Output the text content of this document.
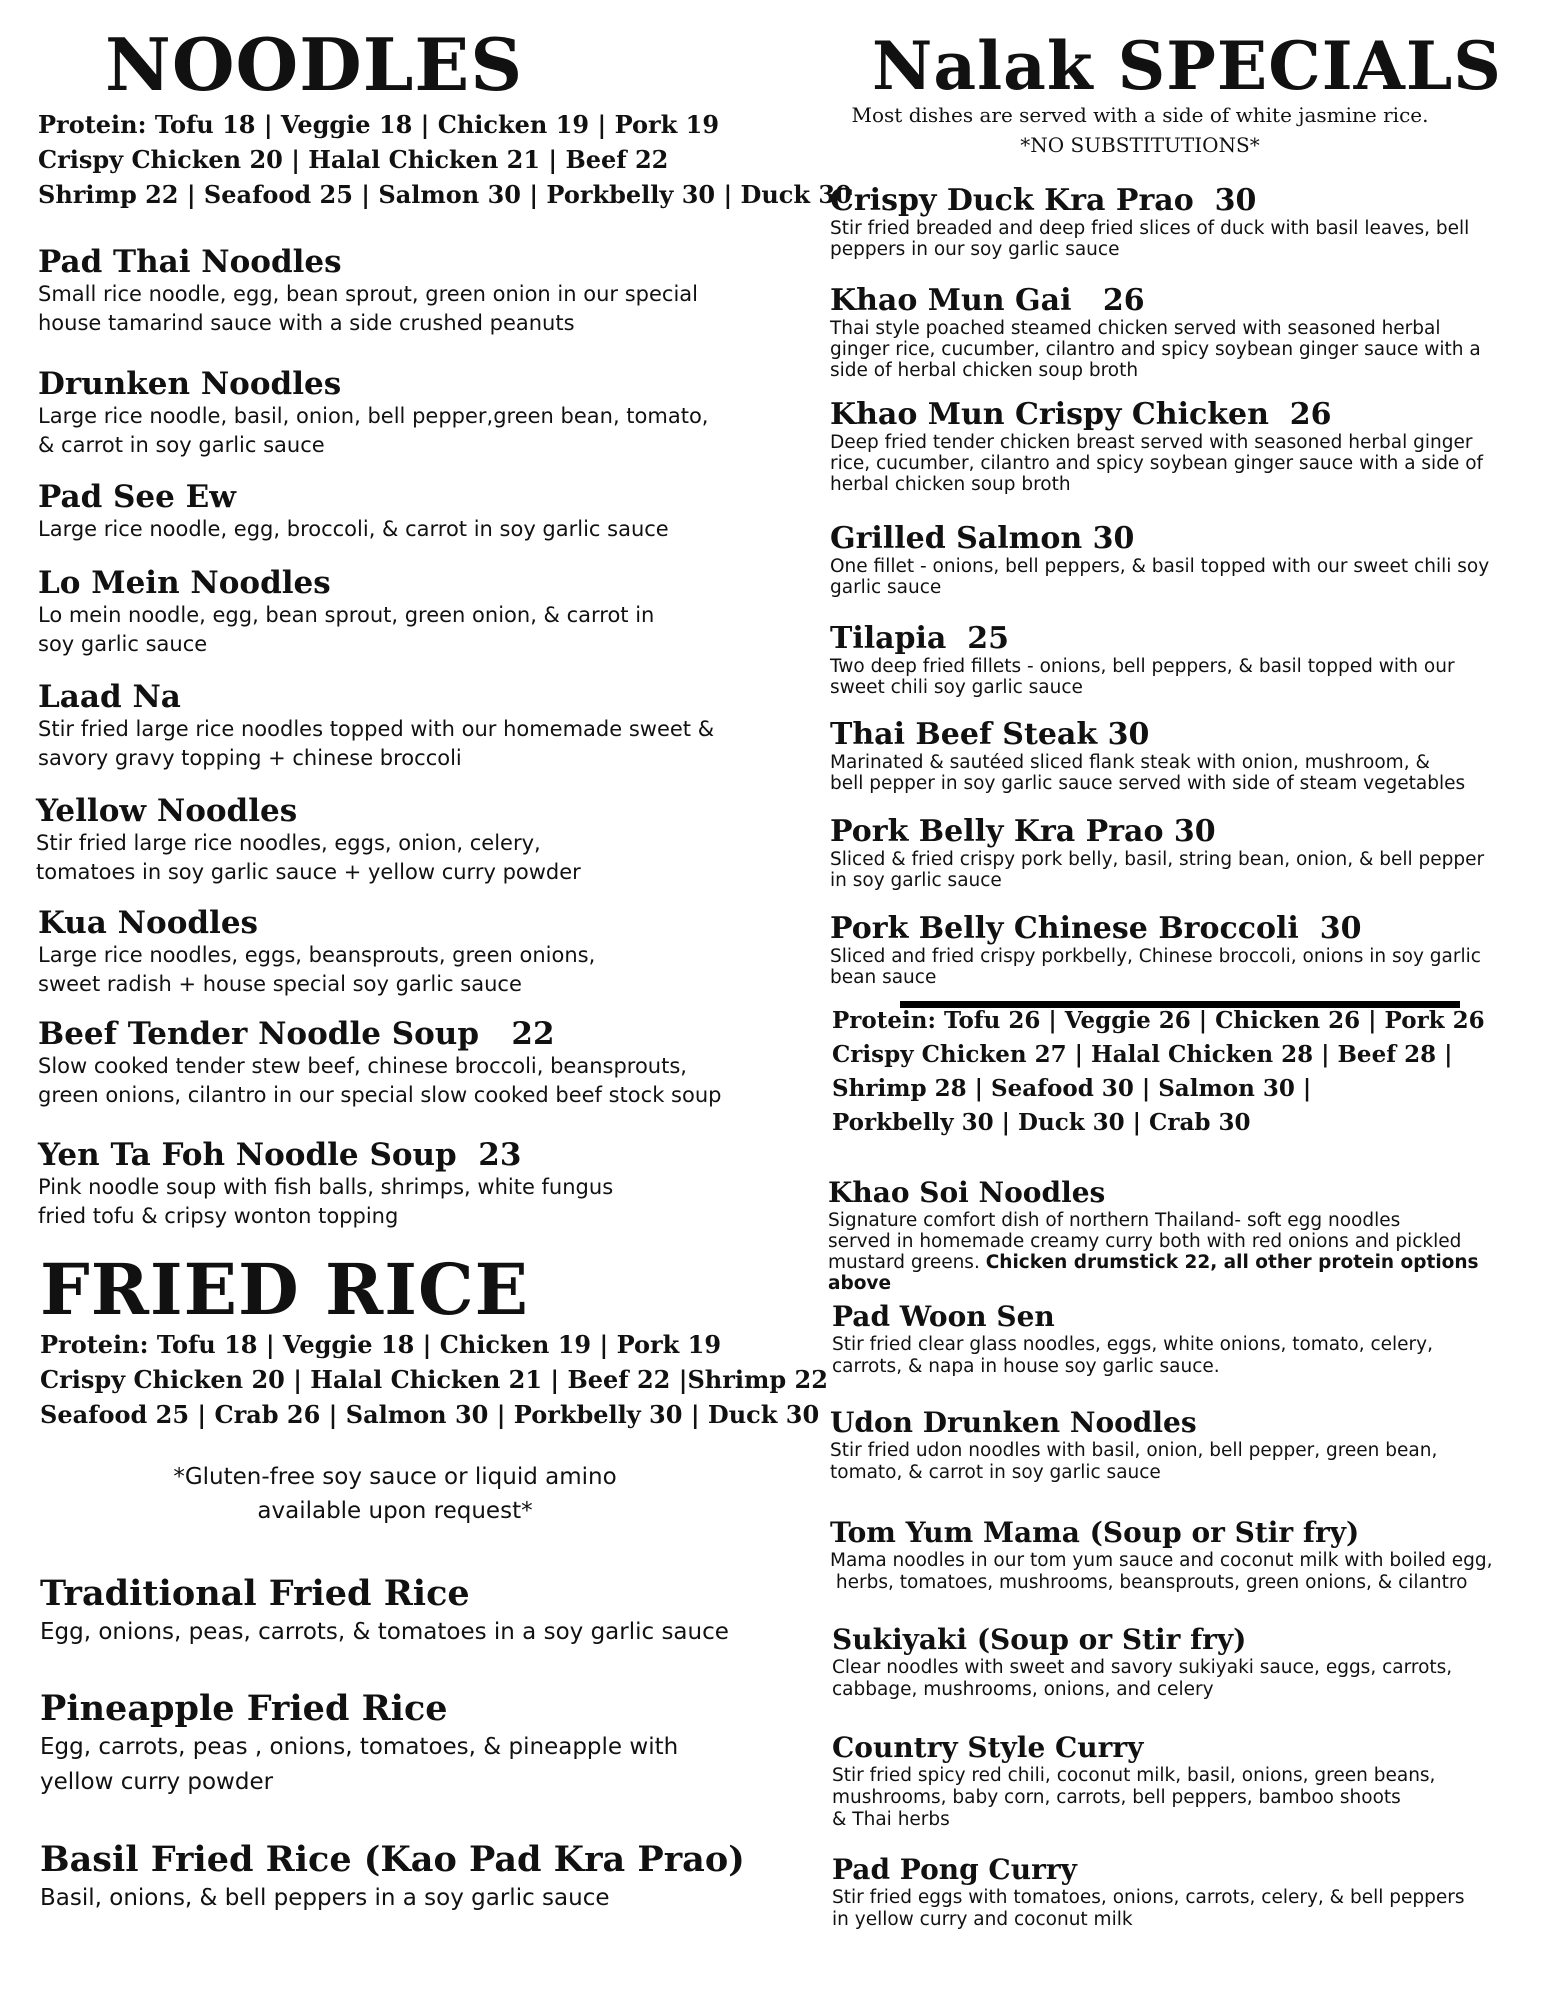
NOODLES
Protein: Tofu 18 | Veggie 18 | Chicken 19 | Pork 19
Crispy Chicken 20 | Halal Chicken 21 | Beef 22
Shrimp 22 | Seafood 25 | Salmon 30 | Porkbelly 30 | Duck 30
Pad Thai Noodles
Small rice noodle, egg, bean sprout, green onion in our special
house tamarind sauce with a side crushed peanuts
Drunken Noodles
Large rice noodle, basil, onion, bell pepper,green bean, tomato,
& carrot in soy garlic sauce
Pad See Ew
Large rice noodle, egg, broccoli, & carrot in soy garlic sauce
Lo Mein Noodles
Lo mein noodle, egg, bean sprout, green onion, & carrot in
soy garlic sauce
Laad Na
Stir fried large rice noodles topped with our homemade sweet &
savory gravy topping + chinese broccoli
Yellow Noodles
Stir fried large rice noodles, eggs, onion, celery,
tomatoes in soy garlic sauce + yellow curry powder
Kua Noodles
Large rice noodles, eggs, beansprouts, green onions,
sweet radish + house special soy garlic sauce
Beef Tender Noodle Soup   22
Slow cooked tender stew beef, chinese broccoli, beansprouts,
green onions, cilantro in our special slow cooked beef stock soup
Yen Ta Foh Noodle Soup  23
Pink noodle soup with fish balls, shrimps, white fungus
fried tofu & cripsy wonton topping
FRIED RICE
Protein: Tofu 18 | Veggie 18 | Chicken 19 | Pork 19
Crispy Chicken 20 | Halal Chicken 21 | Beef 22 |Shrimp 22
Seafood 25 | Crab 26 | Salmon 30 | Porkbelly 30 | Duck 30
*Gluten-free soy sauce or liquid amino
available upon request*
Traditional Fried Rice
Egg, onions, peas, carrots, & tomatoes in a soy garlic sauce
Pineapple Fried Rice
Egg, carrots, peas , onions, tomatoes, & pineapple with
yellow curry powder
Basil Fried Rice (Kao Pad Kra Prao)
Basil, onions, & bell peppers in a soy garlic sauce
Nalak SPECIALS
Most dishes are served with a side of white jasmine rice.
*NO SUBSTITUTIONS*
Crispy Duck Kra Prao  30
Stir fried breaded and deep fried slices of duck with basil leaves, bell
peppers in our soy garlic sauce
Khao Mun Gai   26
Thai style poached steamed chicken served with seasoned herbal
ginger rice, cucumber, cilantro and spicy soybean ginger sauce with a
side of herbal chicken soup broth
Khao Mun Crispy Chicken  26
Deep fried tender chicken breast served with seasoned herbal ginger
rice, cucumber, cilantro and spicy soybean ginger sauce with a side of
herbal chicken soup broth
Grilled Salmon 30
One fillet - onions, bell peppers, & basil topped with our sweet chili soy
garlic sauce
Tilapia  25
Two deep fried fillets - onions, bell peppers, & basil topped with our
sweet chili soy garlic sauce
Thai Beef Steak 30
Marinated & sautéed sliced flank steak with onion, mushroom, &
bell pepper in soy garlic sauce served with side of steam vegetables
Pork Belly Kra Prao 30
Sliced & fried crispy pork belly, basil, string bean, onion, & bell pepper
in soy garlic sauce
Pork Belly Chinese Broccoli  30
Sliced and fried crispy porkbelly, Chinese broccoli, onions in soy garlic
bean sauce
Protein: Tofu 26 | Veggie 26 | Chicken 26 | Pork 26
Crispy Chicken 27 | Halal Chicken 28 | Beef 28 |
Shrimp 28 | Seafood 30 | Salmon 30 |
Porkbelly 30 | Duck 30 | Crab 30
Khao Soi Noodles
Signature comfort dish of northern Thailand- soft egg noodles
served in homemade creamy curry both with red onions and pickled
mustard greens. Chicken drumstick 22, all other protein options above
Pad Woon Sen
Stir fried clear glass noodles, eggs, white onions, tomato, celery,
carrots, & napa in house soy garlic sauce.
Udon Drunken Noodles
Stir fried udon noodles with basil, onion, bell pepper, green bean,
tomato, & carrot in soy garlic sauce
Tom Yum Mama (Soup or Stir fry)
Mama noodles in our tom yum sauce and coconut milk with boiled egg,
herbs, tomatoes, mushrooms, beansprouts, green onions, & cilantro
Sukiyaki (Soup or Stir fry)
Clear noodles with sweet and savory sukiyaki sauce, eggs, carrots,
cabbage, mushrooms, onions, and celery
Country Style Curry
Stir fried spicy red chili, coconut milk, basil, onions, green beans,
mushrooms, baby corn, carrots, bell peppers, bamboo shoots
& Thai herbs
Pad Pong Curry
Stir fried eggs with tomatoes, onions, carrots, celery, & bell peppers
in yellow curry and coconut milk
